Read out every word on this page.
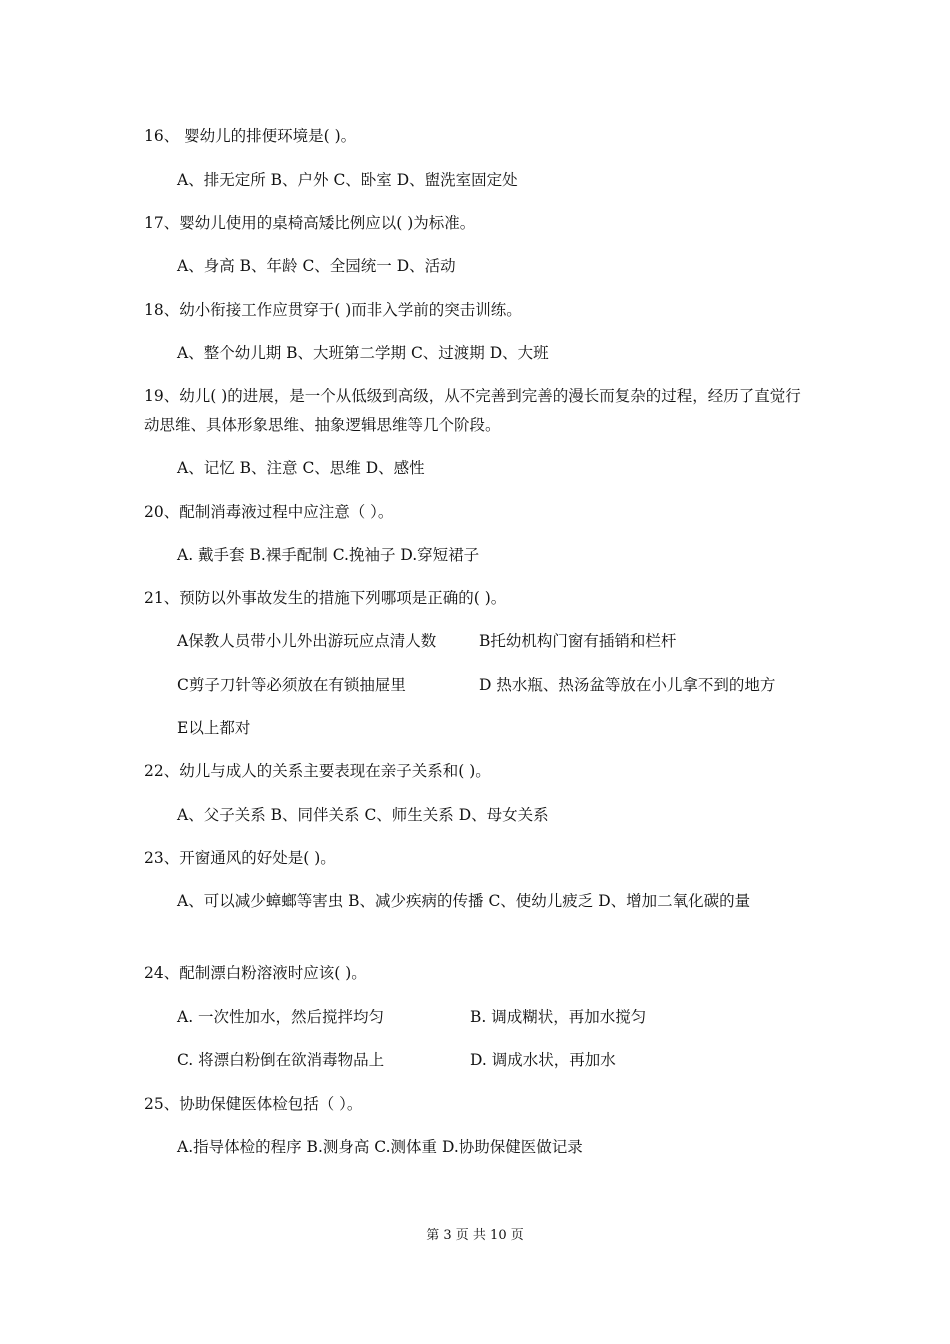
16、 婴幼儿的排便环境是( )。
A、排无定所 B、户外 C、卧室 D、盥洗室固定处
17、婴幼儿使用的桌椅高矮比例应以( )为标准。
A、身高 B、年龄 C、全园统一 D、活动
18、幼小衔接工作应贯穿于( )而非入学前的突击训练。
A、整个幼儿期 B、大班第二学期 C、过渡期 D、大班
19、幼儿( )的进展，是一个从低级到高级，从不完善到完善的漫长而复杂的过程，经历了直觉行动思维、具体形象思维、抽象逻辑思维等几个阶段。
A、记忆 B、注意 C、思维 D、感性
20、配制消毒液过程中应注意（ ）。
A. 戴手套 B.裸手配制 C.挽袖子 D.穿短裙子
21、预防以外事故发生的措施下列哪项是正确的( )。
A保教人员带小儿外出游玩应点清人数	B托幼机构门窗有插销和栏杆
C剪子刀针等必须放在有锁抽屉里	D 热水瓶、热汤盆等放在小儿拿不到的地方
E以上都对
22、幼儿与成人的关系主要表现在亲子关系和( )。
A、父子关系 B、同伴关系 C、师生关系 D、母女关系
23、开窗通风的好处是( )。
A、可以减少蟑螂等害虫 B、减少疾病的传播 C、使幼儿疲乏 D、增加二氧化碳的量
24、配制漂白粉溶液时应该( )。
A. 一次性加水，然后搅拌均匀	B. 调成糊状，再加水搅匀
C. 将漂白粉倒在欲消毒物品上	D. 调成水状，再加水
25、协助保健医体检包括（ ）。
A.指导体检的程序 B.测身高 C.测体重 D.协助保健医做记录
第 3 页 共 10 页
